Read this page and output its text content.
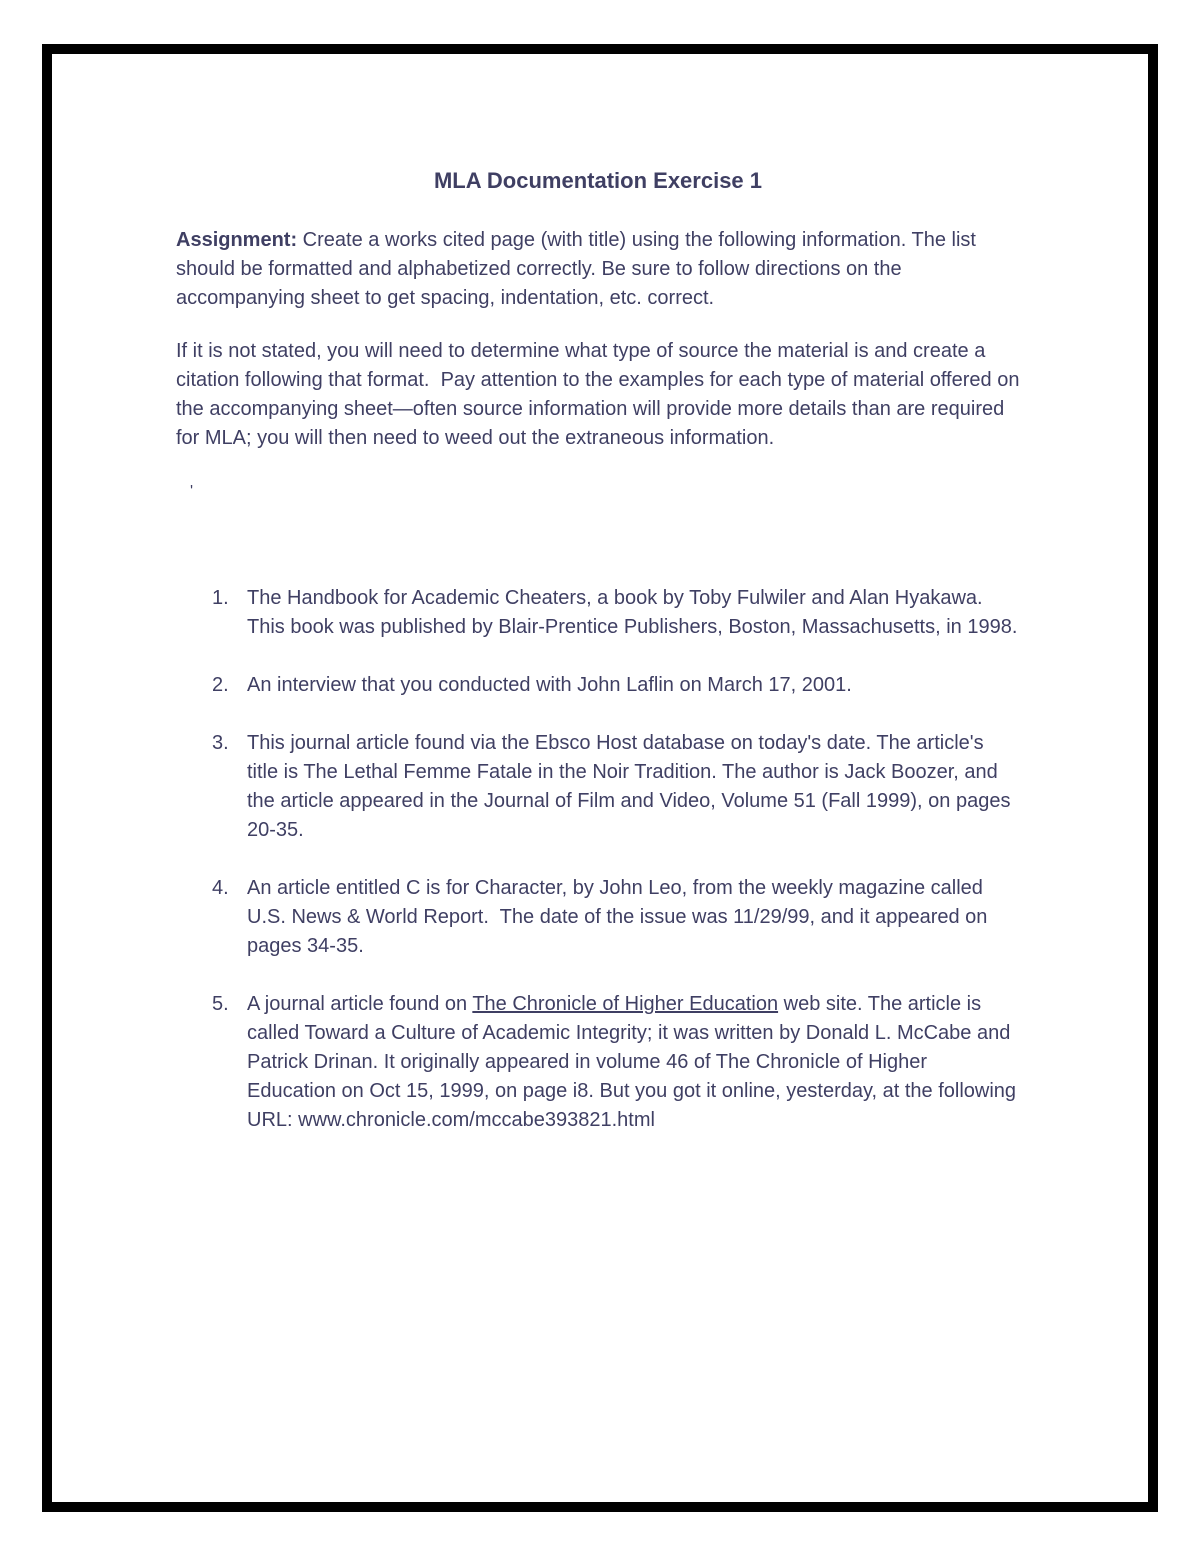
MLA Documentation Exercise 1

Assignment: Create a works cited page (with title) using the following information. The list should be formatted and alphabetized correctly. Be sure to follow directions on the accompanying sheet to get spacing, indentation, etc. correct.

If it is not stated, you will need to determine what type of source the material is and create a citation following that format.  Pay attention to the examples for each type of material offered on the accompanying sheet—often source information will provide more details than are required for MLA; you will then need to weed out the extraneous information.

'
1. The Handbook for Academic Cheaters, a book by Toby Fulwiler and Alan Hyakawa.  This book was published by Blair-Prentice Publishers, Boston, Massachusetts, in 1998.
2. An interview that you conducted with John Laflin on March 17, 2001.
3. This journal article found via the Ebsco Host database on today's date. The article's title is The Lethal Femme Fatale in the Noir Tradition. The author is Jack Boozer, and the article appeared in the Journal of Film and Video, Volume 51 (Fall 1999), on pages 20-35.
4. An article entitled C is for Character, by John Leo, from the weekly magazine called U.S. News & World Report.  The date of the issue was 11/29/99, and it appeared on pages 34-35.
5. A journal article found on The Chronicle of Higher Education web site. The article is called Toward a Culture of Academic Integrity; it was written by Donald L. McCabe and Patrick Drinan. It originally appeared in volume 46 of The Chronicle of Higher Education on Oct 15, 1999, on page i8. But you got it online, yesterday, at the following URL: www.chronicle.com/mccabe393821.html
